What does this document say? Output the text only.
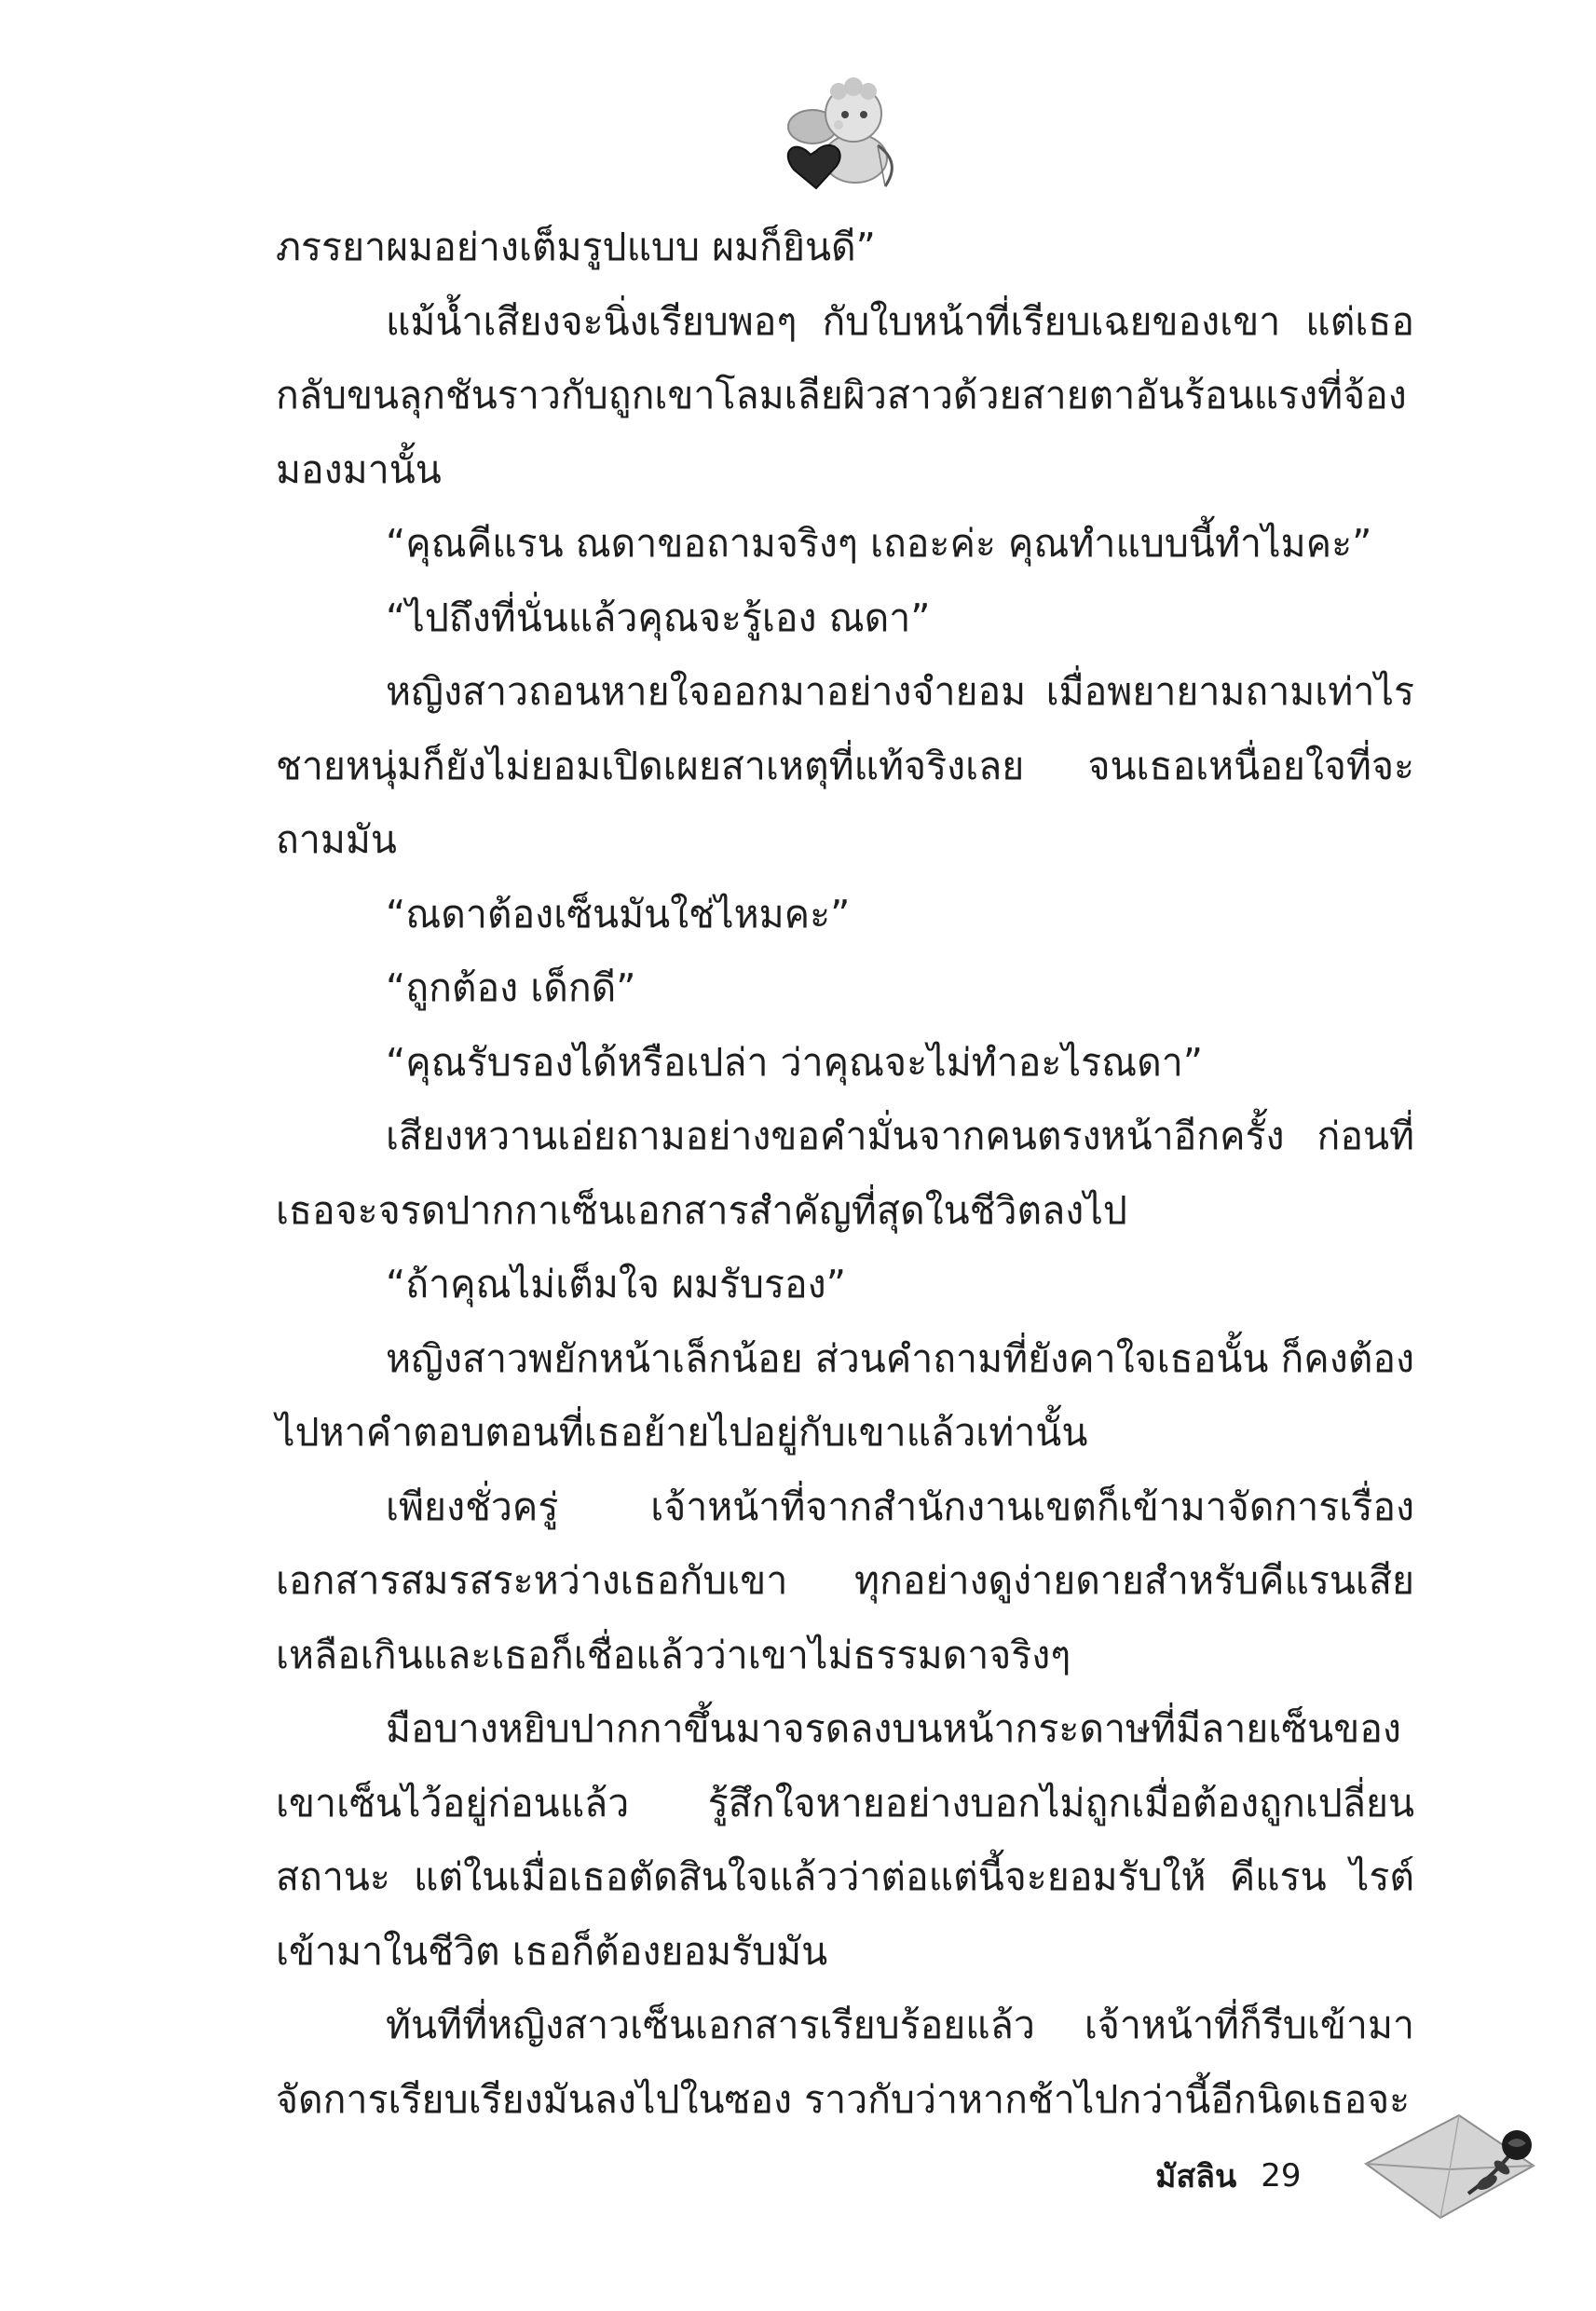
ภรรยาผมอย่างเต็มรูปแบบ ผมก็ยินดี”

แม้น้ำเสียงจะนิ่งเรียบพอๆ กับใบหน้าที่เรียบเฉยของเขา แต่เธอกลับขนลุกชันราวกับถูกเขาโลมเลียผิวสาวด้วยสายตาอันร้อนแรงที่จ้องมองมานั้น

“คุณคีแรน ณดาขอถามจริงๆ เถอะค่ะ คุณทำแบบนี้ทำไมคะ”

“ไปถึงที่นั่นแล้วคุณจะรู้เอง ณดา”

หญิงสาวถอนหายใจออกมาอย่างจำยอม เมื่อพยายามถามเท่าไรชายหนุ่มก็ยังไม่ยอมเปิดเผยสาเหตุที่แท้จริงเลย จนเธอเหนื่อยใจที่จะถามมัน

“ณดาต้องเซ็นมันใช่ไหมคะ”

“ถูกต้อง เด็กดี”

“คุณรับรองได้หรือเปล่า ว่าคุณจะไม่ทำอะไรณดา”

เสียงหวานเอ่ยถามอย่างขอคำมั่นจากคนตรงหน้าอีกครั้ง ก่อนที่เธอจะจรดปากกาเซ็นเอกสารสำคัญที่สุดในชีวิตลงไป

“ถ้าคุณไม่เต็มใจ ผมรับรอง”

หญิงสาวพยักหน้าเล็กน้อย ส่วนคำถามที่ยังคาใจเธอนั้น ก็คงต้องไปหาคำตอบตอนที่เธอย้ายไปอยู่กับเขาแล้วเท่านั้น

เพียงชั่วครู่ เจ้าหน้าที่จากสำนักงานเขตก็เข้ามาจัดการเรื่องเอกสารสมรสระหว่างเธอกับเขา ทุกอย่างดูง่ายดายสำหรับคีแรนเสียเหลือเกินและเธอก็เชื่อแล้วว่าเขาไม่ธรรมดาจริงๆ

มือบางหยิบปากกาขึ้นมาจรดลงบนหน้ากระดาษที่มีลายเซ็นของเขาเซ็นไว้อยู่ก่อนแล้ว รู้สึกใจหายอย่างบอกไม่ถูกเมื่อต้องถูกเปลี่ยนสถานะ แต่ในเมื่อเธอตัดสินใจแล้วว่าต่อแต่นี้จะยอมรับให้ คีแรน ไรต์เข้ามาในชีวิต เธอก็ต้องยอมรับมัน

ทันทีที่หญิงสาวเซ็นเอกสารเรียบร้อยแล้ว เจ้าหน้าที่ก็รีบเข้ามาจัดการเรียบเรียงมันลงไปในซอง ราวกับว่าหากช้าไปกว่านี้อีกนิดเธอจะ

มัสลิน 29
